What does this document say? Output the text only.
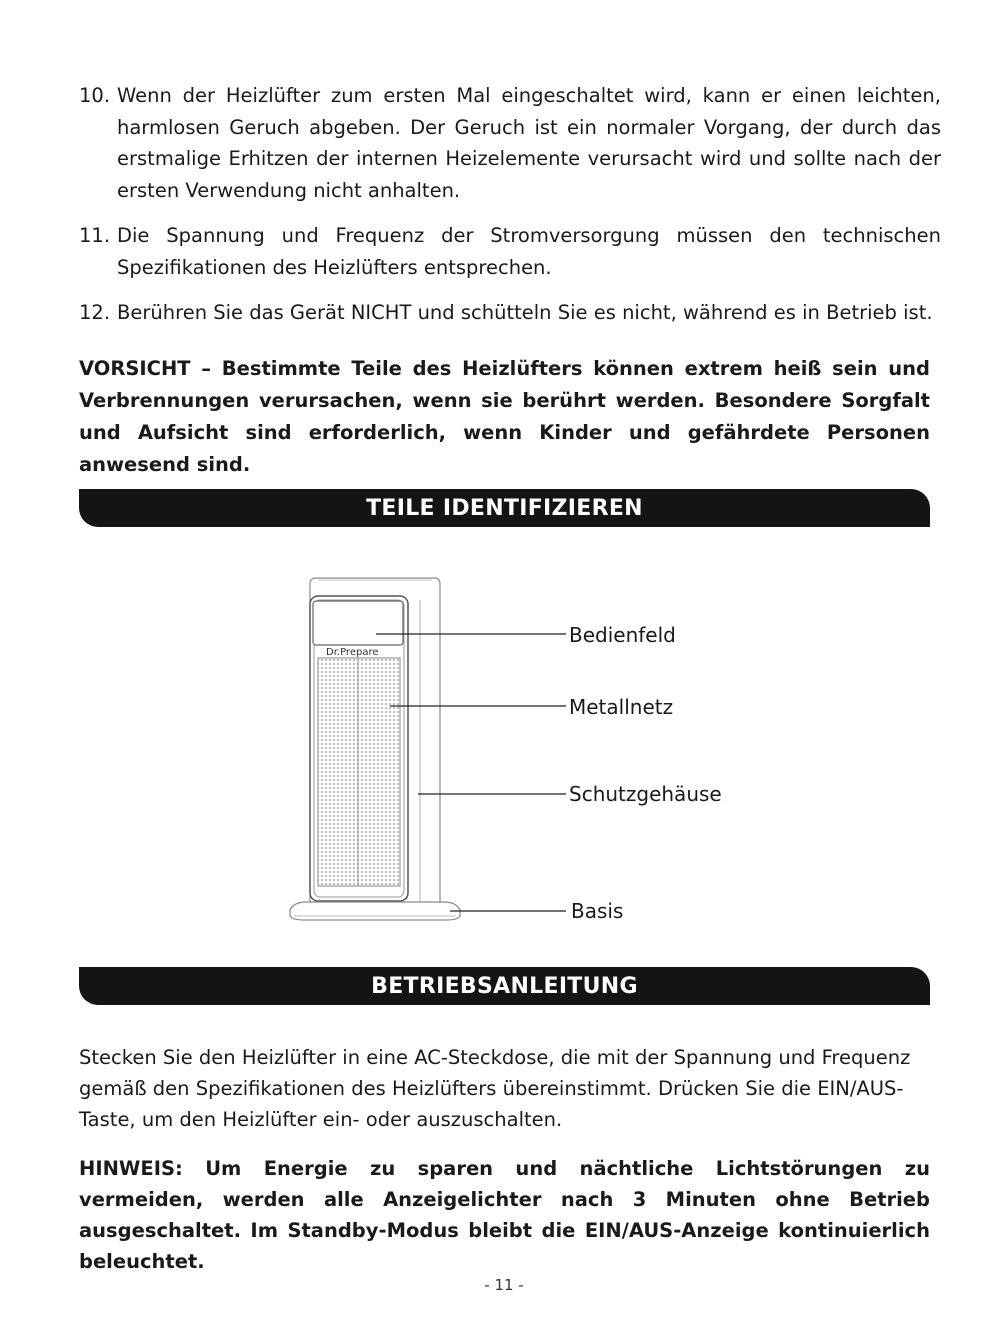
10. Wenn der Heizlüfter zum ersten Mal eingeschaltet wird, kann er einen leichten, harmlosen Geruch abgeben. Der Geruch ist ein normaler Vorgang, der durch das erstmalige Erhitzen der internen Heizelemente verursacht wird und sollte nach der ersten Verwendung nicht anhalten.
11. Die Spannung und Frequenz der Stromversorgung müssen den technischen Spezifikationen des Heizlüfters entsprechen.
12. Berühren Sie das Gerät NICHT und schütteln Sie es nicht, während es in Betrieb ist.
VORSICHT – Bestimmte Teile des Heizlüfters können extrem heiß sein und Verbrennungen verursachen, wenn sie berührt werden. Besondere Sorgfalt und Aufsicht sind erforderlich, wenn Kinder und gefährdete Personen anwesend sind.
TEILE IDENTIFIZIEREN
Dr.Prepare
Bedienfeld
Metallnetz
Schutzgehäuse
Basis
BETRIEBSANLEITUNG
Stecken Sie den Heizlüfter in eine AC-Steckdose, die mit der Spannung und Frequenz gemäß den Spezifikationen des Heizlüfters übereinstimmt. Drücken Sie die EIN/AUS-Taste, um den Heizlüfter ein- oder auszuschalten.
HINWEIS: Um Energie zu sparen und nächtliche Lichtstörungen zu vermeiden, werden alle Anzeigelichter nach 3 Minuten ohne Betrieb ausgeschaltet. Im Standby-Modus bleibt die EIN/AUS-Anzeige kontinuierlich beleuchtet.
- 11 -
